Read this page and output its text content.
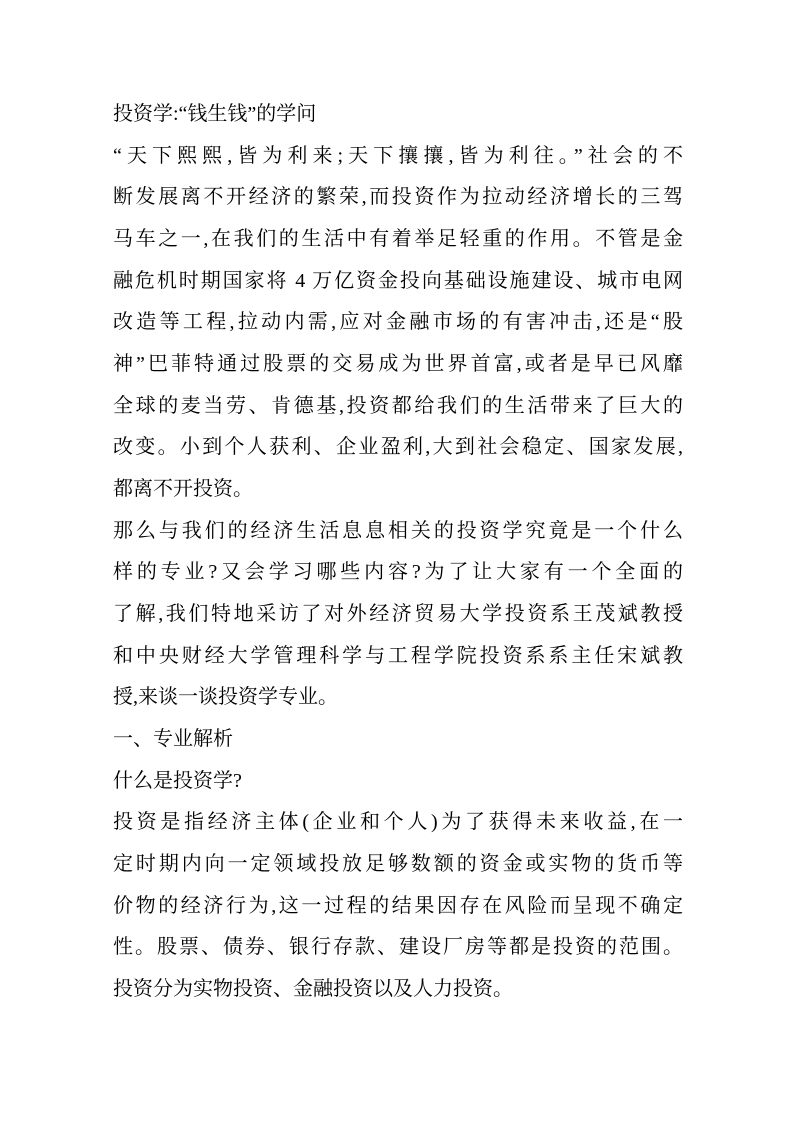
投资学:“钱生钱”的学问
“天下熙熙,皆为利来;天下攘攘,皆为利往。”社会的不
断发展离不开经济的繁荣,而投资作为拉动经济增长的三驾
马车之一,在我们的生活中有着举足轻重的作用。不管是金
融危机时期国家将 4 万亿资金投向基础设施建设、城市电网
改造等工程,拉动内需,应对金融市场的有害冲击,还是“股
神”巴菲特通过股票的交易成为世界首富,或者是早已风靡
全球的麦当劳、肯德基,投资都给我们的生活带来了巨大的
改变。小到个人获利、企业盈利,大到社会稳定、国家发展,
都离不开投资。
那么与我们的经济生活息息相关的投资学究竟是一个什么
样的专业?又会学习哪些内容?为了让大家有一个全面的
了解,我们特地采访了对外经济贸易大学投资系王茂斌教授
和中央财经大学管理科学与工程学院投资系系主任宋斌教
授,来谈一谈投资学专业。
一、专业解析
什么是投资学?
投资是指经济主体(企业和个人)为了获得未来收益,在一
定时期内向一定领域投放足够数额的资金或实物的货币等
价物的经济行为,这一过程的结果因存在风险而呈现不确定
性。股票、债券、银行存款、建设厂房等都是投资的范围。
投资分为实物投资、金融投资以及人力投资。
